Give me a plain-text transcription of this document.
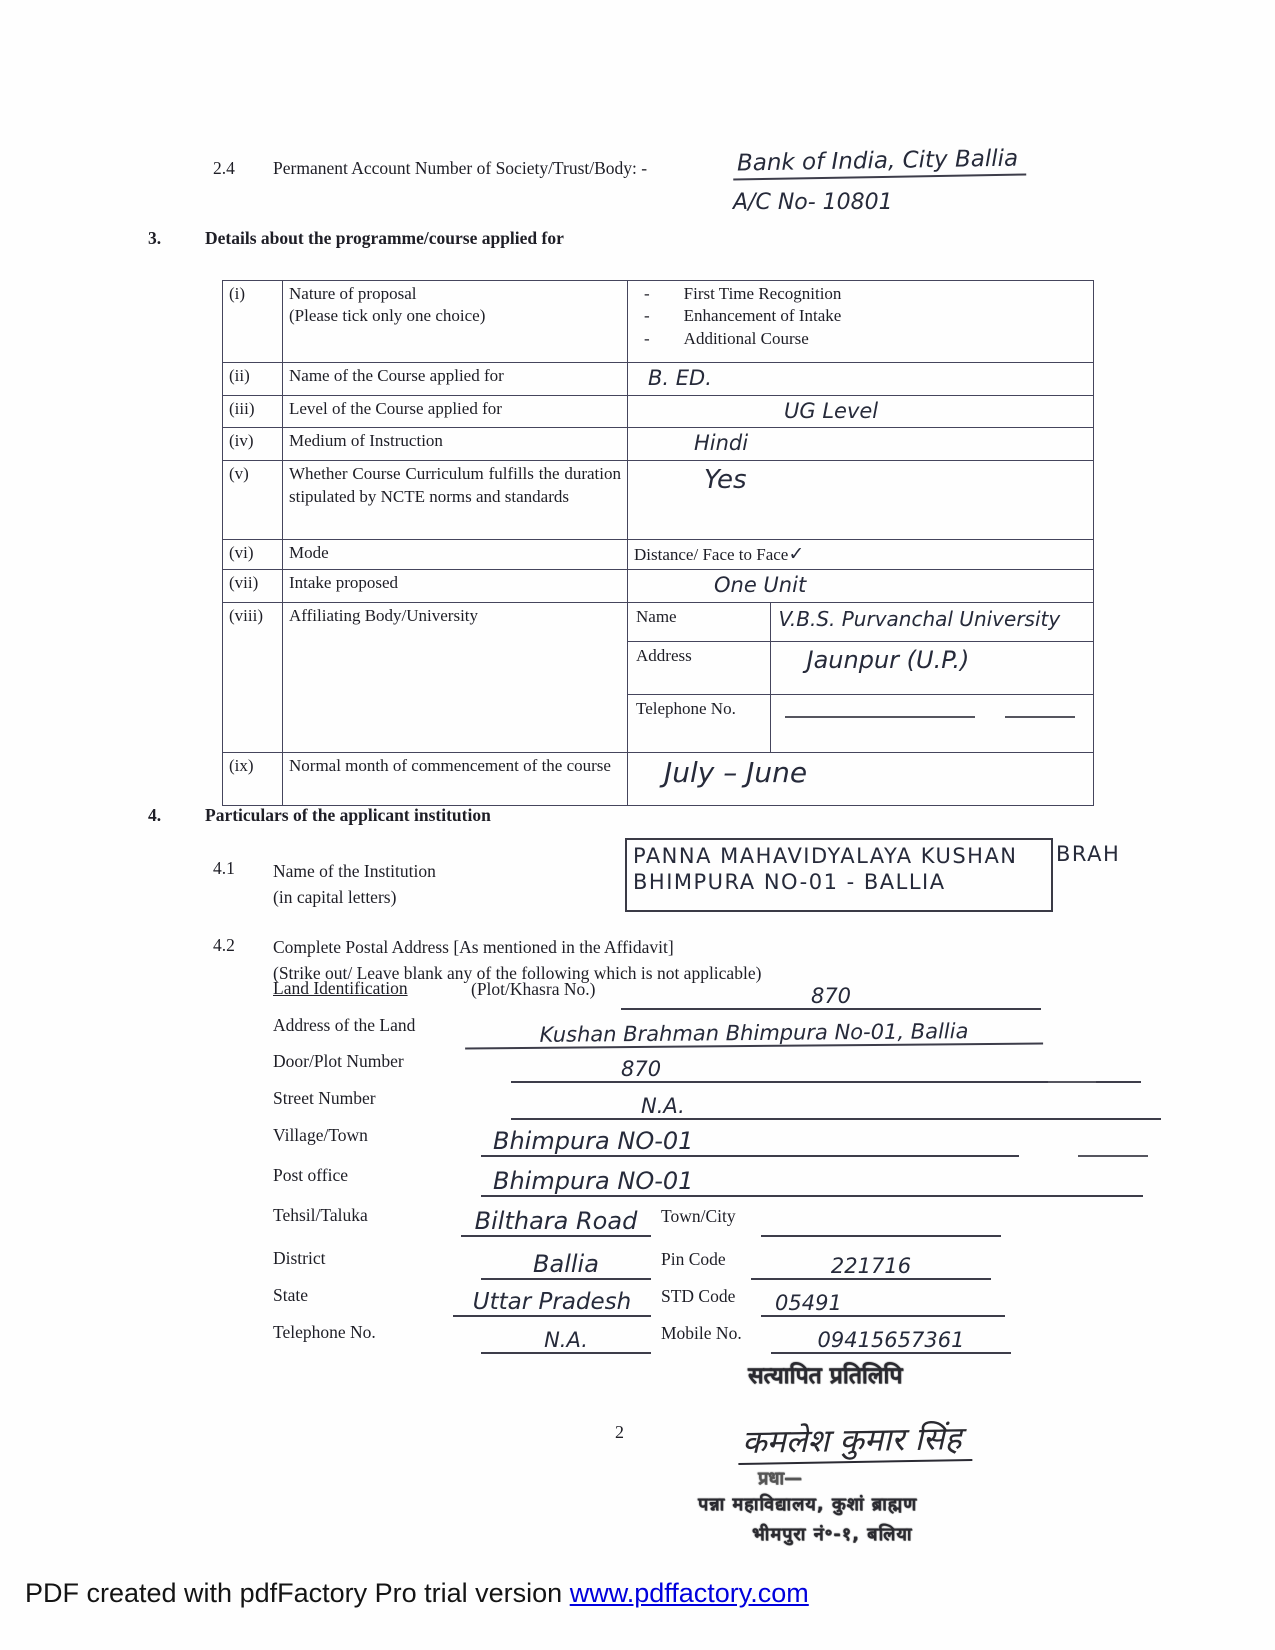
2.4 Permanent Account Number of Society/Trust/Body: -	Bank of India, City Ballia
A/C No- 10801
3.	Details about the programme/course applied for
(i)	Nature of proposal
(Please tick only one choice)

- First Time Recognition
- Enhancement of Intake
- Additional Course

(ii)	Name of the Course applied for	B. ED.
(iii)	Level of the Course applied for	UG Level
(iv)	Medium of Instruction	Hindi
(v)	Whether Course Curriculum fulfills the duration stipulated by NCTE norms and standards	Yes
(vi)	Mode	Distance/ Face to Face✓
(vii)	Intake proposed	One Unit
(viii)	Affiliating Body/University		Name	V.B.S. Purvanchal University
Address	Jaunpur (U.P.)
Telephone No.	

(ix)	Normal month of commencement of the course	July – June
4.	Particulars of the applicant institution
4.1 Name of the Institution
(in capital letters)
PANNA MAHAVIDYALAYA KUSHAN
BHIMPURA NO-01 - BALLIA
BRAH
4.2 Complete Postal Address [As mentioned in the Affidavit]
(Strike out/ Leave blank any of the following which is not applicable)
Land Identification	(Plot/Khasra No.)	870
Address of the Land	Kushan Brahman Bhimpura No-01, Ballia
Door/Plot Number	870
Street Number	N.A.
Village/Town	Bhimpura NO-01
Post office	Bhimpura NO-01
Tehsil/Taluka	Bilthara Road	Town/City
District	Ballia	Pin Code	221716
State	Uttar Pradesh	STD Code	05491
Telephone No.	N.A.	Mobile No.	09415657361
सत्यापित प्रतिलिपि
2	कमलेश कुमार सिंह
प्रधा—
पन्ना महाविद्यालय, कुशां ब्राह्मण
भीमपुरा नं॰-१, बलिया
PDF created with pdfFactory Pro trial version www.pdffactory.com
